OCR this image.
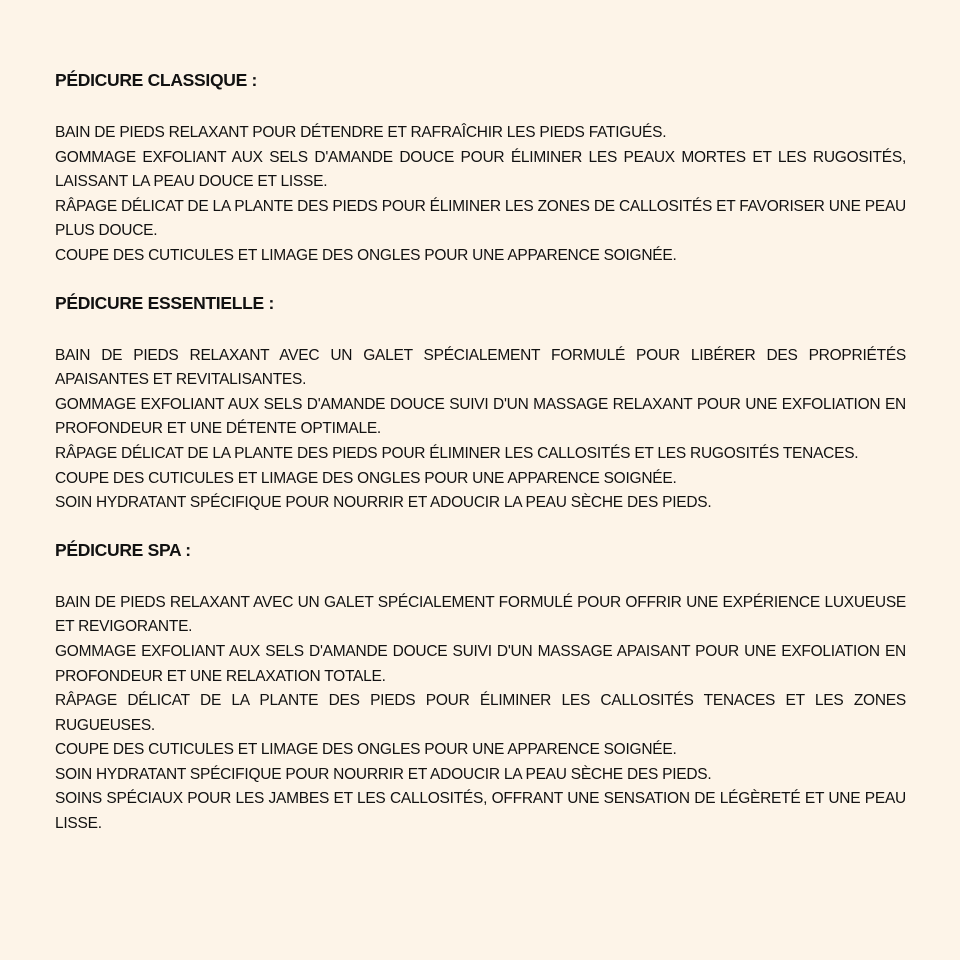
PÉDICURE CLASSIQUE :
BAIN DE PIEDS RELAXANT POUR DÉTENDRE ET RAFRAÎCHIR LES PIEDS FATIGUÉS.
GOMMAGE EXFOLIANT AUX SELS D'AMANDE DOUCE POUR ÉLIMINER LES PEAUX MORTES ET LES RUGOSITÉS, LAISSANT LA PEAU DOUCE ET LISSE.
RÂPAGE DÉLICAT DE LA PLANTE DES PIEDS POUR ÉLIMINER LES ZONES DE CALLOSITÉS ET FAVORISER UNE PEAU PLUS DOUCE.
COUPE DES CUTICULES ET LIMAGE DES ONGLES POUR UNE APPARENCE SOIGNÉE.
PÉDICURE ESSENTIELLE :
BAIN DE PIEDS RELAXANT AVEC UN GALET SPÉCIALEMENT FORMULÉ POUR LIBÉRER DES PROPRIÉTÉS APAISANTES ET REVITALISANTES.
GOMMAGE EXFOLIANT AUX SELS D'AMANDE DOUCE SUIVI D'UN MASSAGE RELAXANT POUR UNE EXFOLIATION EN PROFONDEUR ET UNE DÉTENTE OPTIMALE.
RÂPAGE DÉLICAT DE LA PLANTE DES PIEDS POUR ÉLIMINER LES CALLOSITÉS ET LES RUGOSITÉS TENACES.
COUPE DES CUTICULES ET LIMAGE DES ONGLES POUR UNE APPARENCE SOIGNÉE.
SOIN HYDRATANT SPÉCIFIQUE POUR NOURRIR ET ADOUCIR LA PEAU SÈCHE DES PIEDS.
PÉDICURE SPA :
BAIN DE PIEDS RELAXANT AVEC UN GALET SPÉCIALEMENT FORMULÉ POUR OFFRIR UNE EXPÉRIENCE LUXUEUSE ET REVIGORANTE.
GOMMAGE EXFOLIANT AUX SELS D'AMANDE DOUCE SUIVI D'UN MASSAGE APAISANT POUR UNE EXFOLIATION EN PROFONDEUR ET UNE RELAXATION TOTALE.
RÂPAGE DÉLICAT DE LA PLANTE DES PIEDS POUR ÉLIMINER LES CALLOSITÉS TENACES ET LES ZONES RUGUEUSES.
COUPE DES CUTICULES ET LIMAGE DES ONGLES POUR UNE APPARENCE SOIGNÉE.
SOIN HYDRATANT SPÉCIFIQUE POUR NOURRIR ET ADOUCIR LA PEAU SÈCHE DES PIEDS.
SOINS SPÉCIAUX POUR LES JAMBES ET LES CALLOSITÉS, OFFRANT UNE SENSATION DE LÉGÈRETÉ ET UNE PEAU LISSE.
